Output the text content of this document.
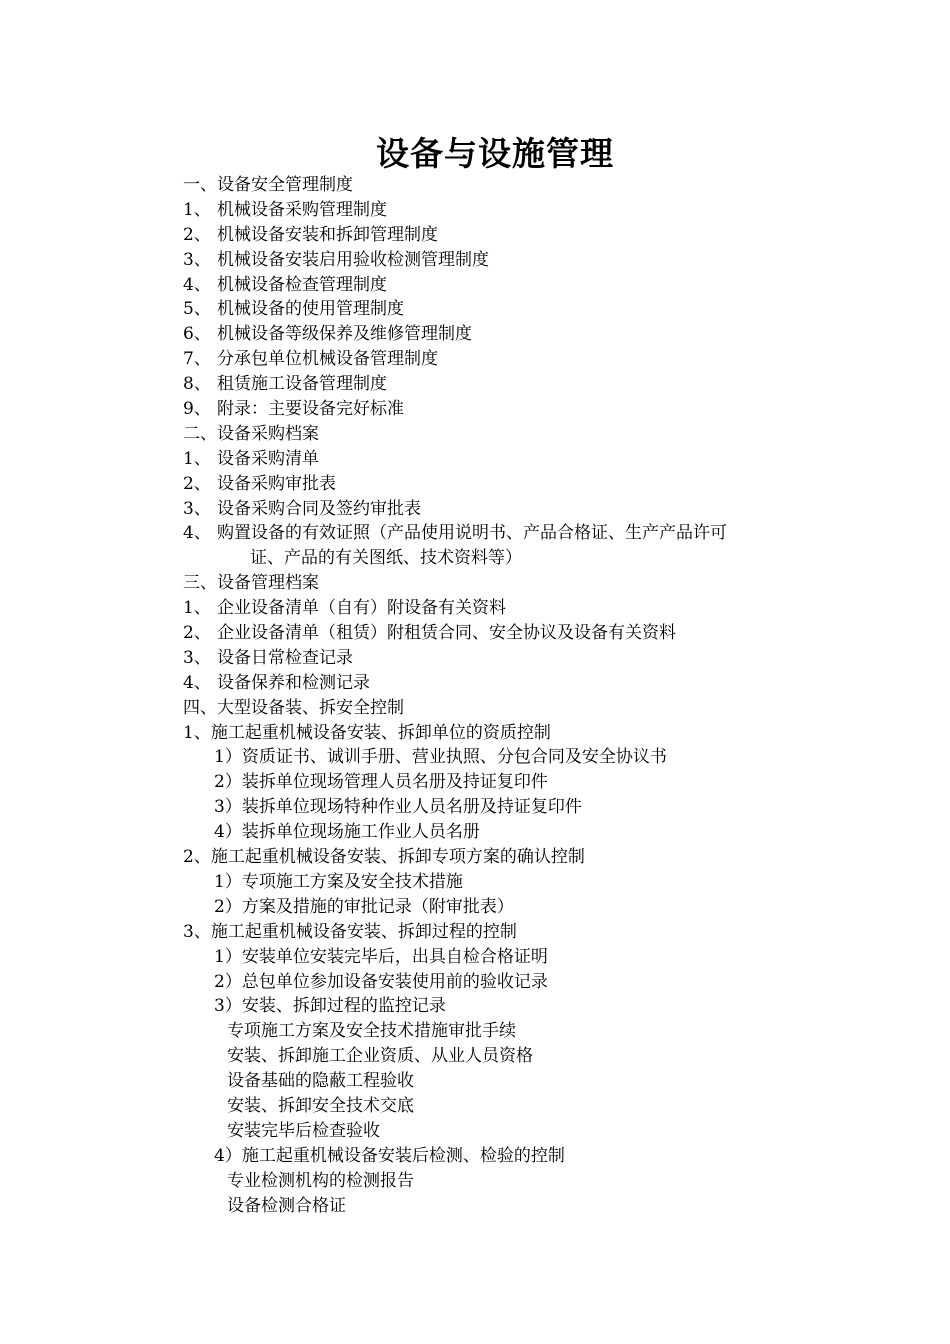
设备与设施管理
一、设备安全管理制度
1、 机械设备采购管理制度
2、 机械设备安装和拆卸管理制度
3、 机械设备安装启用验收检测管理制度
4、 机械设备检查管理制度
5、 机械设备的使用管理制度
6、 机械设备等级保养及维修管理制度
7、 分承包单位机械设备管理制度
8、 租赁施工设备管理制度
9、 附录：主要设备完好标准
二、设备采购档案
1、 设备采购清单
2、 设备采购审批表
3、 设备采购合同及签约审批表
4、 购置设备的有效证照（产品使用说明书、产品合格证、生产产品许可
证、产品的有关图纸、技术资料等）
三、设备管理档案
1、 企业设备清单（自有）附设备有关资料
2、 企业设备清单（租赁）附租赁合同、安全协议及设备有关资料
3、 设备日常检查记录
4、 设备保养和检测记录
四、大型设备装、拆安全控制
1、施工起重机械设备安装、拆卸单位的资质控制
1）资质证书、诚训手册、营业执照、分包合同及安全协议书
2）装拆单位现场管理人员名册及持证复印件
3）装拆单位现场特种作业人员名册及持证复印件
4）装拆单位现场施工作业人员名册
2、施工起重机械设备安装、拆卸专项方案的确认控制
1）专项施工方案及安全技术措施
2）方案及措施的审批记录（附审批表）
3、施工起重机械设备安装、拆卸过程的控制
1）安装单位安装完毕后，出具自检合格证明
2）总包单位参加设备安装使用前的验收记录
3）安装、拆卸过程的监控记录
专项施工方案及安全技术措施审批手续
安装、拆卸施工企业资质、从业人员资格
设备基础的隐蔽工程验收
安装、拆卸安全技术交底
安装完毕后检查验收
4）施工起重机械设备安装后检测、检验的控制
专业检测机构的检测报告
设备检测合格证
